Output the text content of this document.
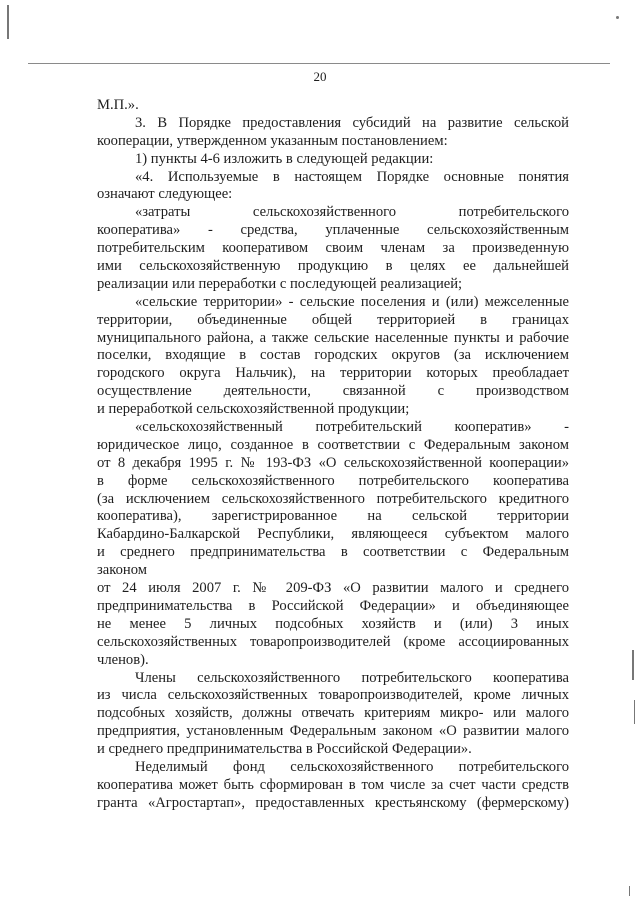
20
М.П.».
3. В Порядке предоставления субсидий на развитие сельской
кооперации, утвержденном указанным постановлением:
1) пункты 4-6 изложить в следующей редакции:
«4. Используемые в настоящем Порядке основные понятия
означают следующее:
«затраты сельскохозяйственного потребительского
кооператива» - средства, уплаченные сельскохозяйственным
потребительским кооперативом своим членам за произведенную
ими сельскохозяйственную продукцию в целях ее дальнейшей
реализации или переработки с последующей реализацией;
«сельские территории» - сельские поселения и (или) межселенные
территории, объединенные общей территорией в границах
муниципального района, а также сельские населенные пункты и рабочие
поселки, входящие в состав городских округов (за исключением
городского округа Нальчик), на территории которых преобладает
осуществление деятельности, связанной с производством
и переработкой сельскохозяйственной продукции;
«сельскохозяйственный потребительский кооператив» -
юридическое лицо, созданное в соответствии с Федеральным законом
от 8 декабря 1995 г. № 193-ФЗ «О сельскохозяйственной кооперации»
в форме сельскохозяйственного потребительского кооператива
(за исключением сельскохозяйственного потребительского кредитного
кооператива), зарегистрированное на сельской территории
Кабардино-Балкарской Республики, являющееся субъектом малого
и среднего предпринимательства в соответствии с Федеральным
законом
от 24 июля 2007 г. № 209-ФЗ «О развитии малого и среднего
предпринимательства в Российской Федерации» и объединяющее
не менее 5 личных подсобных хозяйств и (или) 3 иных
сельскохозяйственных товаропроизводителей (кроме ассоциированных
членов).
Члены сельскохозяйственного потребительского кооператива
из числа сельскохозяйственных товаропроизводителей, кроме личных
подсобных хозяйств, должны отвечать критериям микро- или малого
предприятия, установленным Федеральным законом «О развитии малого
и среднего предпринимательства в Российской Федерации».
Неделимый фонд сельскохозяйственного потребительского
кооператива может быть сформирован в том числе за счет части средств
гранта «Агростартап», предоставленных крестьянскому (фермерскому)
